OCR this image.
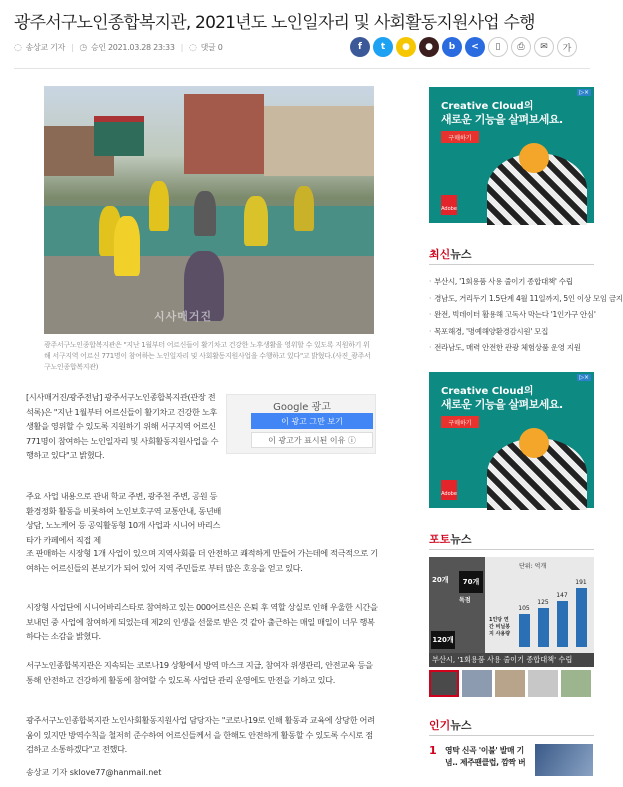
광주서구노인종합복지관, 2021년도 노인일자리 및 사회활동지원사업 수행
◌ 송상교 기자 | ◷ 승인 2021.03.28 23:33 | ◌ 댓글 0	f	t	●	●	b	<	▯	⎙	✉	가
시사매거진
광주서구노인종합복지관은 "지난 1월부터 어르신들이 활기차고 건강한 노후생활을 영위할 수 있도록 지원하기 위해 서구지역 어르신 771명이 참여하는 노인일자리 및 사회활동지원사업을 수행하고 있다"고 밝혔다.(사진_광주서구노인종합복지관)
Google 광고
이 광고 그만 보기
이 광고가 표시된 이유 ⓘ
[시사매거진/광주전남] 광주서구노인종합복지관(관장 전석록)은 "지난 1월부터 어르신들이 활기차고 건강한 노후생활을 영위할 수 있도록 지원하기 위해 서구지역 어르신 771명이 참여하는 노인일자리 및 사회활동지원사업을 수행하고 있다"고 밝혔다.
주요 사업 내용으로 관내 학교 주변, 광주천 주변, 공원 등 환경정화 활동을 비롯하여 노인보호구역 교통안내, 동년배 상담, 노노케어 등 공익활동형 10개 사업과 시니어 바리스타가 카페에서 직접 제
조 판매하는 시장형 1개 사업이 있으며 지역사회를 더 안전하고 쾌적하게 만들어 가는데에 적극적으로 기여하는 어르신들의 본보기가 되어 있어 지역 주민들로 부터 많은 호응을 얻고 있다.
시장형 사업단에 시니어바리스타로 참여하고 있는 000어르신은 은퇴 후 역할 상실로 인해 우울한 시간을 보내던 중 사업에 참여하게 되었는데 제2의 인생을 선물로 받은 것 같아 출근하는 매일 매일이 너무 행복하다는 소감을 밝혔다.
서구노인종합복지관은 지속되는 코로나19 상황에서 방역 마스크 지급, 참여자 위생관리, 안전교육 등을 통해 안전하고 건강하게 활동에 참여할 수 있도록 사업단 관리 운영에도 만전을 기하고 있다.
광주서구노인종합복지관 노인사회활동지원사업 담당자는 "코로나19로 인해 활동과 교육에 상당한 어려움이 있지만 방역수칙을 철저히 준수하여 어르신들께서 을 한해도 안전하게 활동할 수 있도록 수시로 점검하고 소통하겠다"고 전했다.
송상교 기자 sklove77@hanmail.net
▷×
Creative Cloud의
새로운 기능을 살펴보세요.
구매하기
Adobe
최신뉴스
· 부산시, '1회용품 사용 줄이기 종합대책' 수립
· 경남도, 거리두기 1.5단계 4월 11일까지, 5인 이상 모임 금지
· 완전, 빅데이터 활용해 고독사 막는다 '1인가구 안심'
· 목포해경, '명예해양환경감시원' 모집
· 전라남도, 매력 안전한 관광 체험상품 운영 지원
▷×
Creative Cloud의
새로운 기능을 살펴보세요.
구매하기
Adobe
포토뉴스
20개	70개
독점
120개
1인당 연간 비닐봉지 사용량
단위: 억개
105
125
147
191
부산시, '1회용품 사용 줄이기 종합대책' 수립
인기뉴스
1 영탁 신곡 '이불' 발매 기념.. 제주팬클럽, 깜짝 버
